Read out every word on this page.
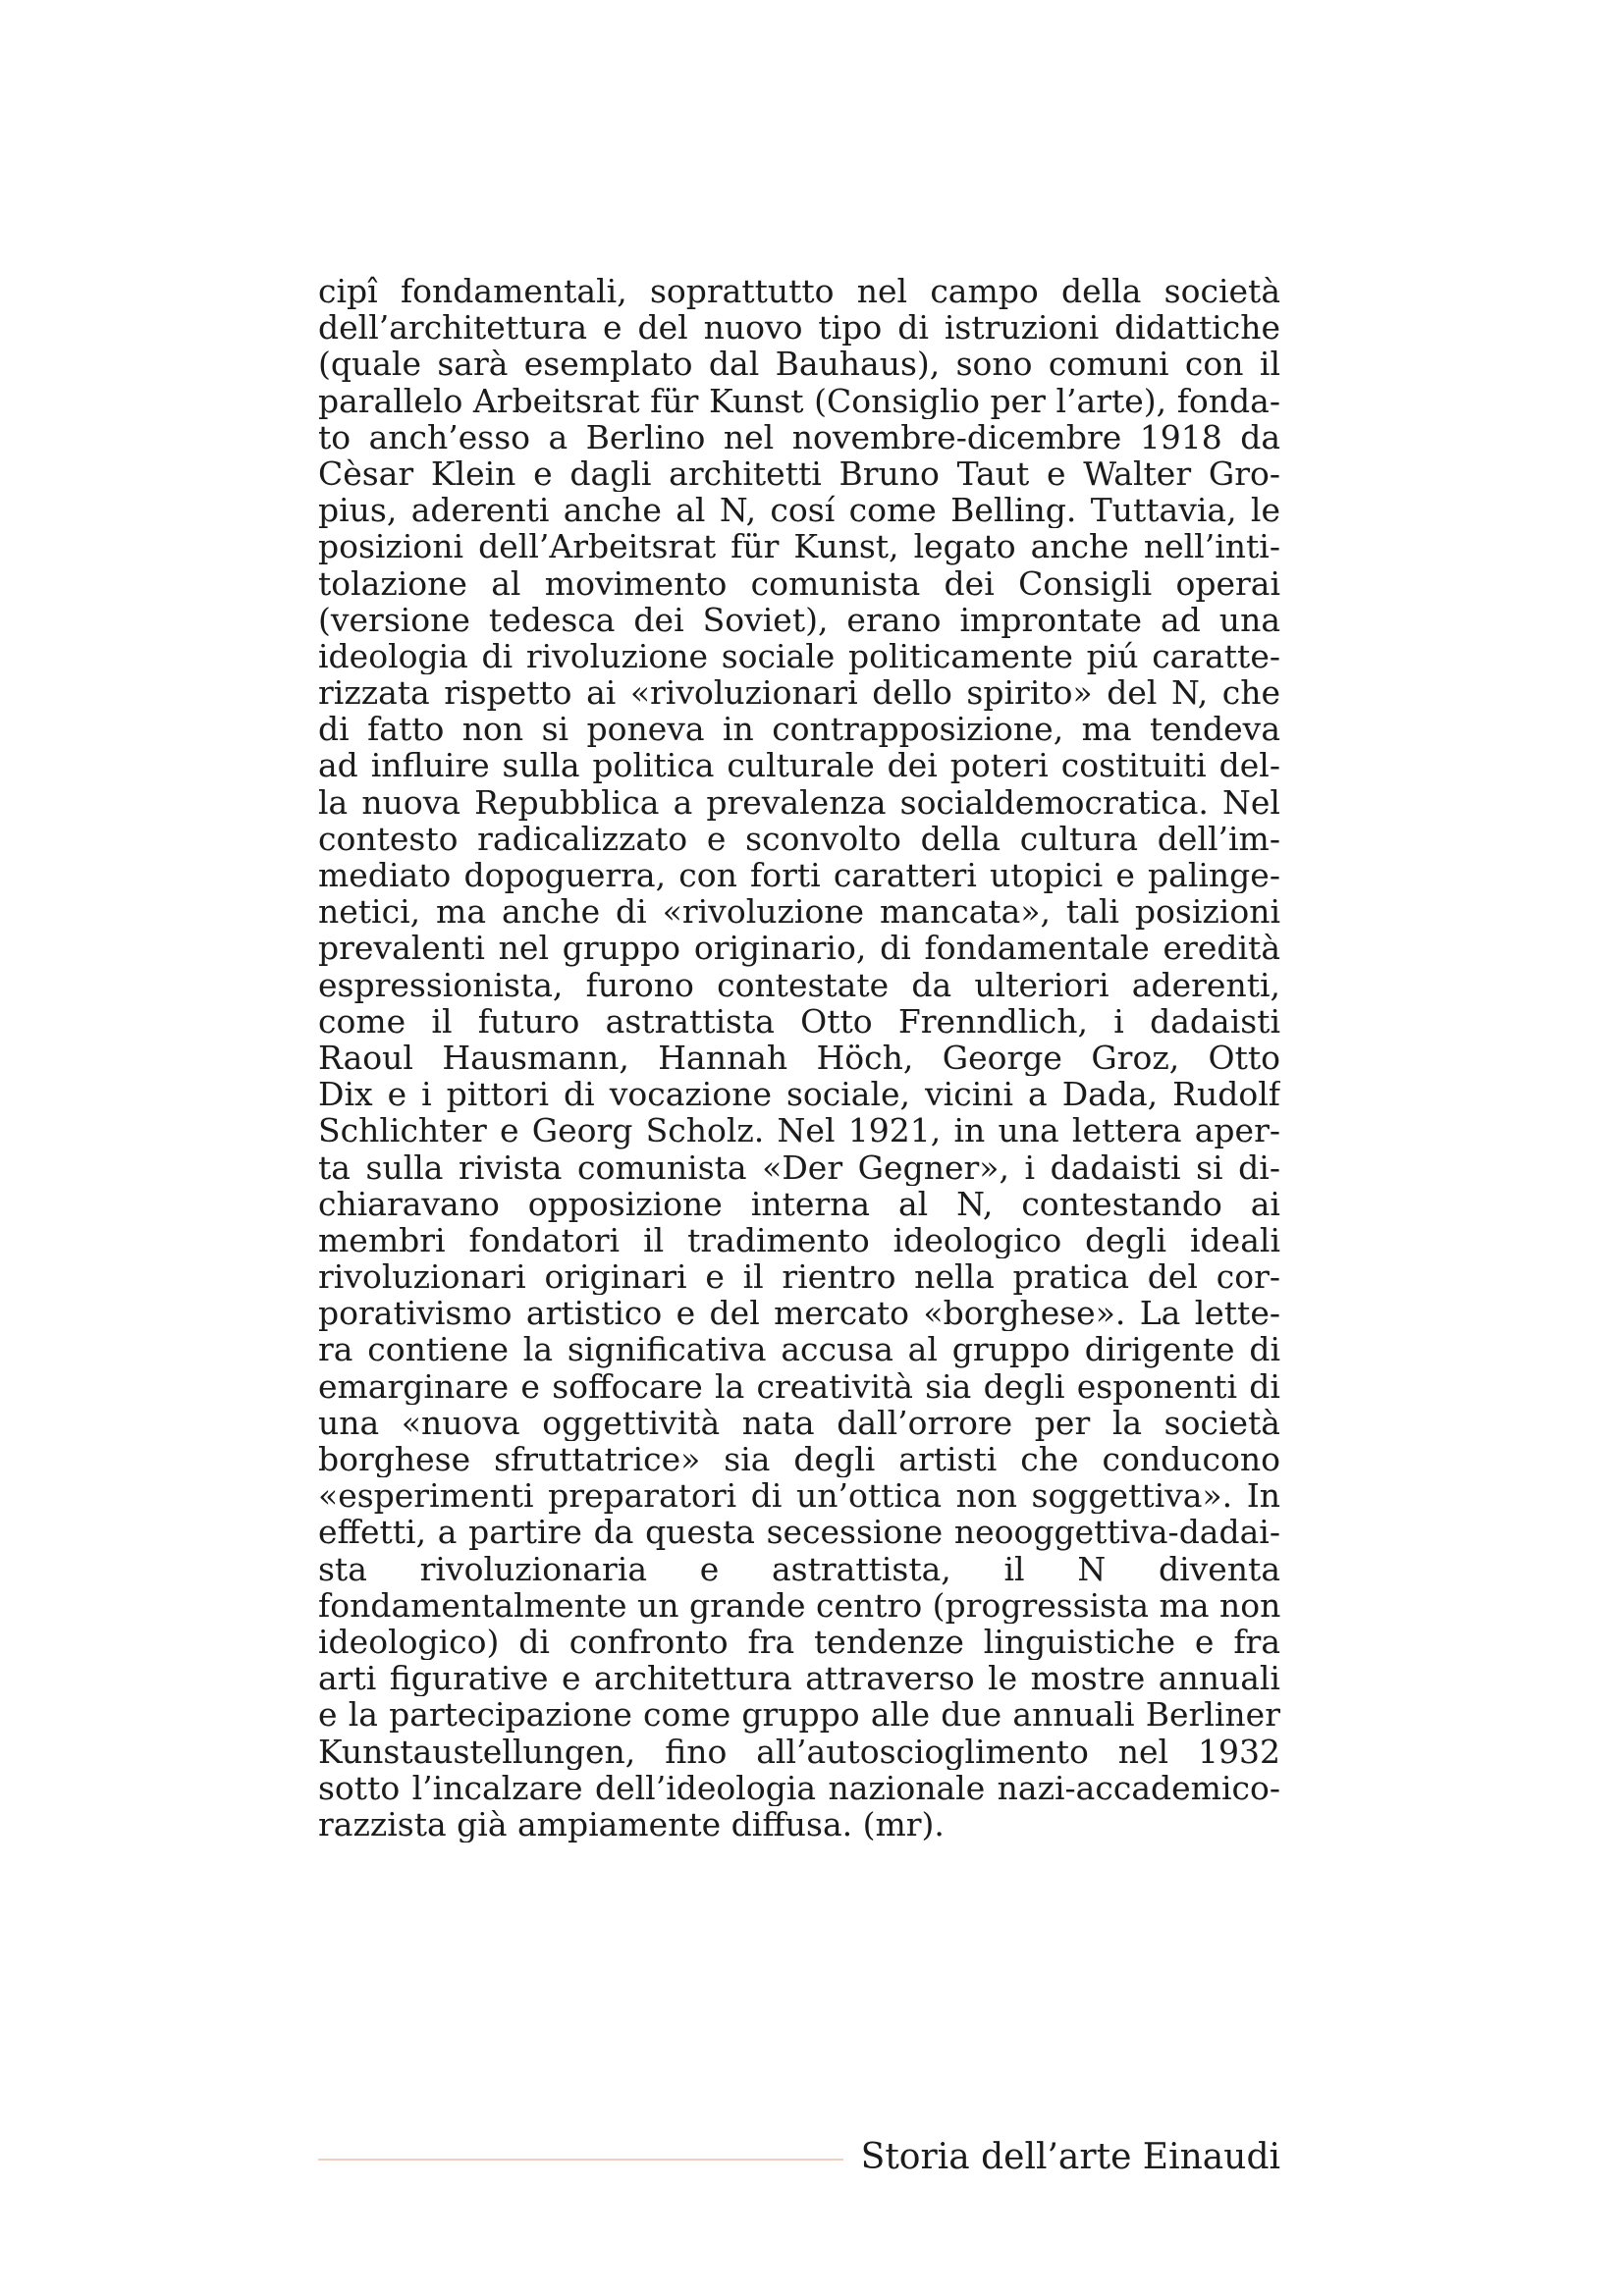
cipî fondamentali, soprattutto nel campo della società
dell’architettura e del nuovo tipo di istruzioni didattiche
(quale sarà esemplato dal Bauhaus), sono comuni con il
parallelo Arbeitsrat für Kunst (Consiglio per l’arte), fonda-
to anch’esso a Berlino nel novembre-dicembre 1918 da
Cèsar Klein e dagli architetti Bruno Taut e Walter Gro-
pius, aderenti anche al N, cosí come Belling. Tuttavia, le
posizioni dell’Arbeitsrat für Kunst, legato anche nell’inti-
tolazione al movimento comunista dei Consigli operai
(versione tedesca dei Soviet), erano improntate ad una
ideologia di rivoluzione sociale politicamente piú caratte-
rizzata rispetto ai «rivoluzionari dello spirito» del N, che
di fatto non si poneva in contrapposizione, ma tendeva
ad influire sulla politica culturale dei poteri costituiti del-
la nuova Repubblica a prevalenza socialdemocratica. Nel
contesto radicalizzato e sconvolto della cultura dell’im-
mediato dopoguerra, con forti caratteri utopici e palinge-
netici, ma anche di «rivoluzione mancata», tali posizioni
prevalenti nel gruppo originario, di fondamentale eredità
espressionista, furono contestate da ulteriori aderenti,
come il futuro astrattista Otto Frenndlich, i dadaisti
Raoul Hausmann, Hannah Höch, George Groz, Otto
Dix e i pittori di vocazione sociale, vicini a Dada, Rudolf
Schlichter e Georg Scholz. Nel 1921, in una lettera aper-
ta sulla rivista comunista «Der Gegner», i dadaisti si di-
chiaravano opposizione interna al N, contestando ai
membri fondatori il tradimento ideologico degli ideali
rivoluzionari originari e il rientro nella pratica del cor-
porativismo artistico e del mercato «borghese». La lette-
ra contiene la significativa accusa al gruppo dirigente di
emarginare e soffocare la creatività sia degli esponenti di
una «nuova oggettività nata dall’orrore per la società
borghese sfruttatrice» sia degli artisti che conducono
«esperimenti preparatori di un’ottica non soggettiva». In
effetti, a partire da questa secessione neooggettiva-dadai-
sta rivoluzionaria e astrattista, il N diventa
fondamentalmente un grande centro (progressista ma non
ideologico) di confronto fra tendenze linguistiche e fra
arti figurative e architettura attraverso le mostre annuali
e la partecipazione come gruppo alle due annuali Berliner
Kunstaustellungen, fino all’autoscioglimento nel 1932
sotto l’incalzare dell’ideologia nazionale nazi-accademico-
razzista già ampiamente diffusa. (mr).
Storia dell’arte Einaudi
